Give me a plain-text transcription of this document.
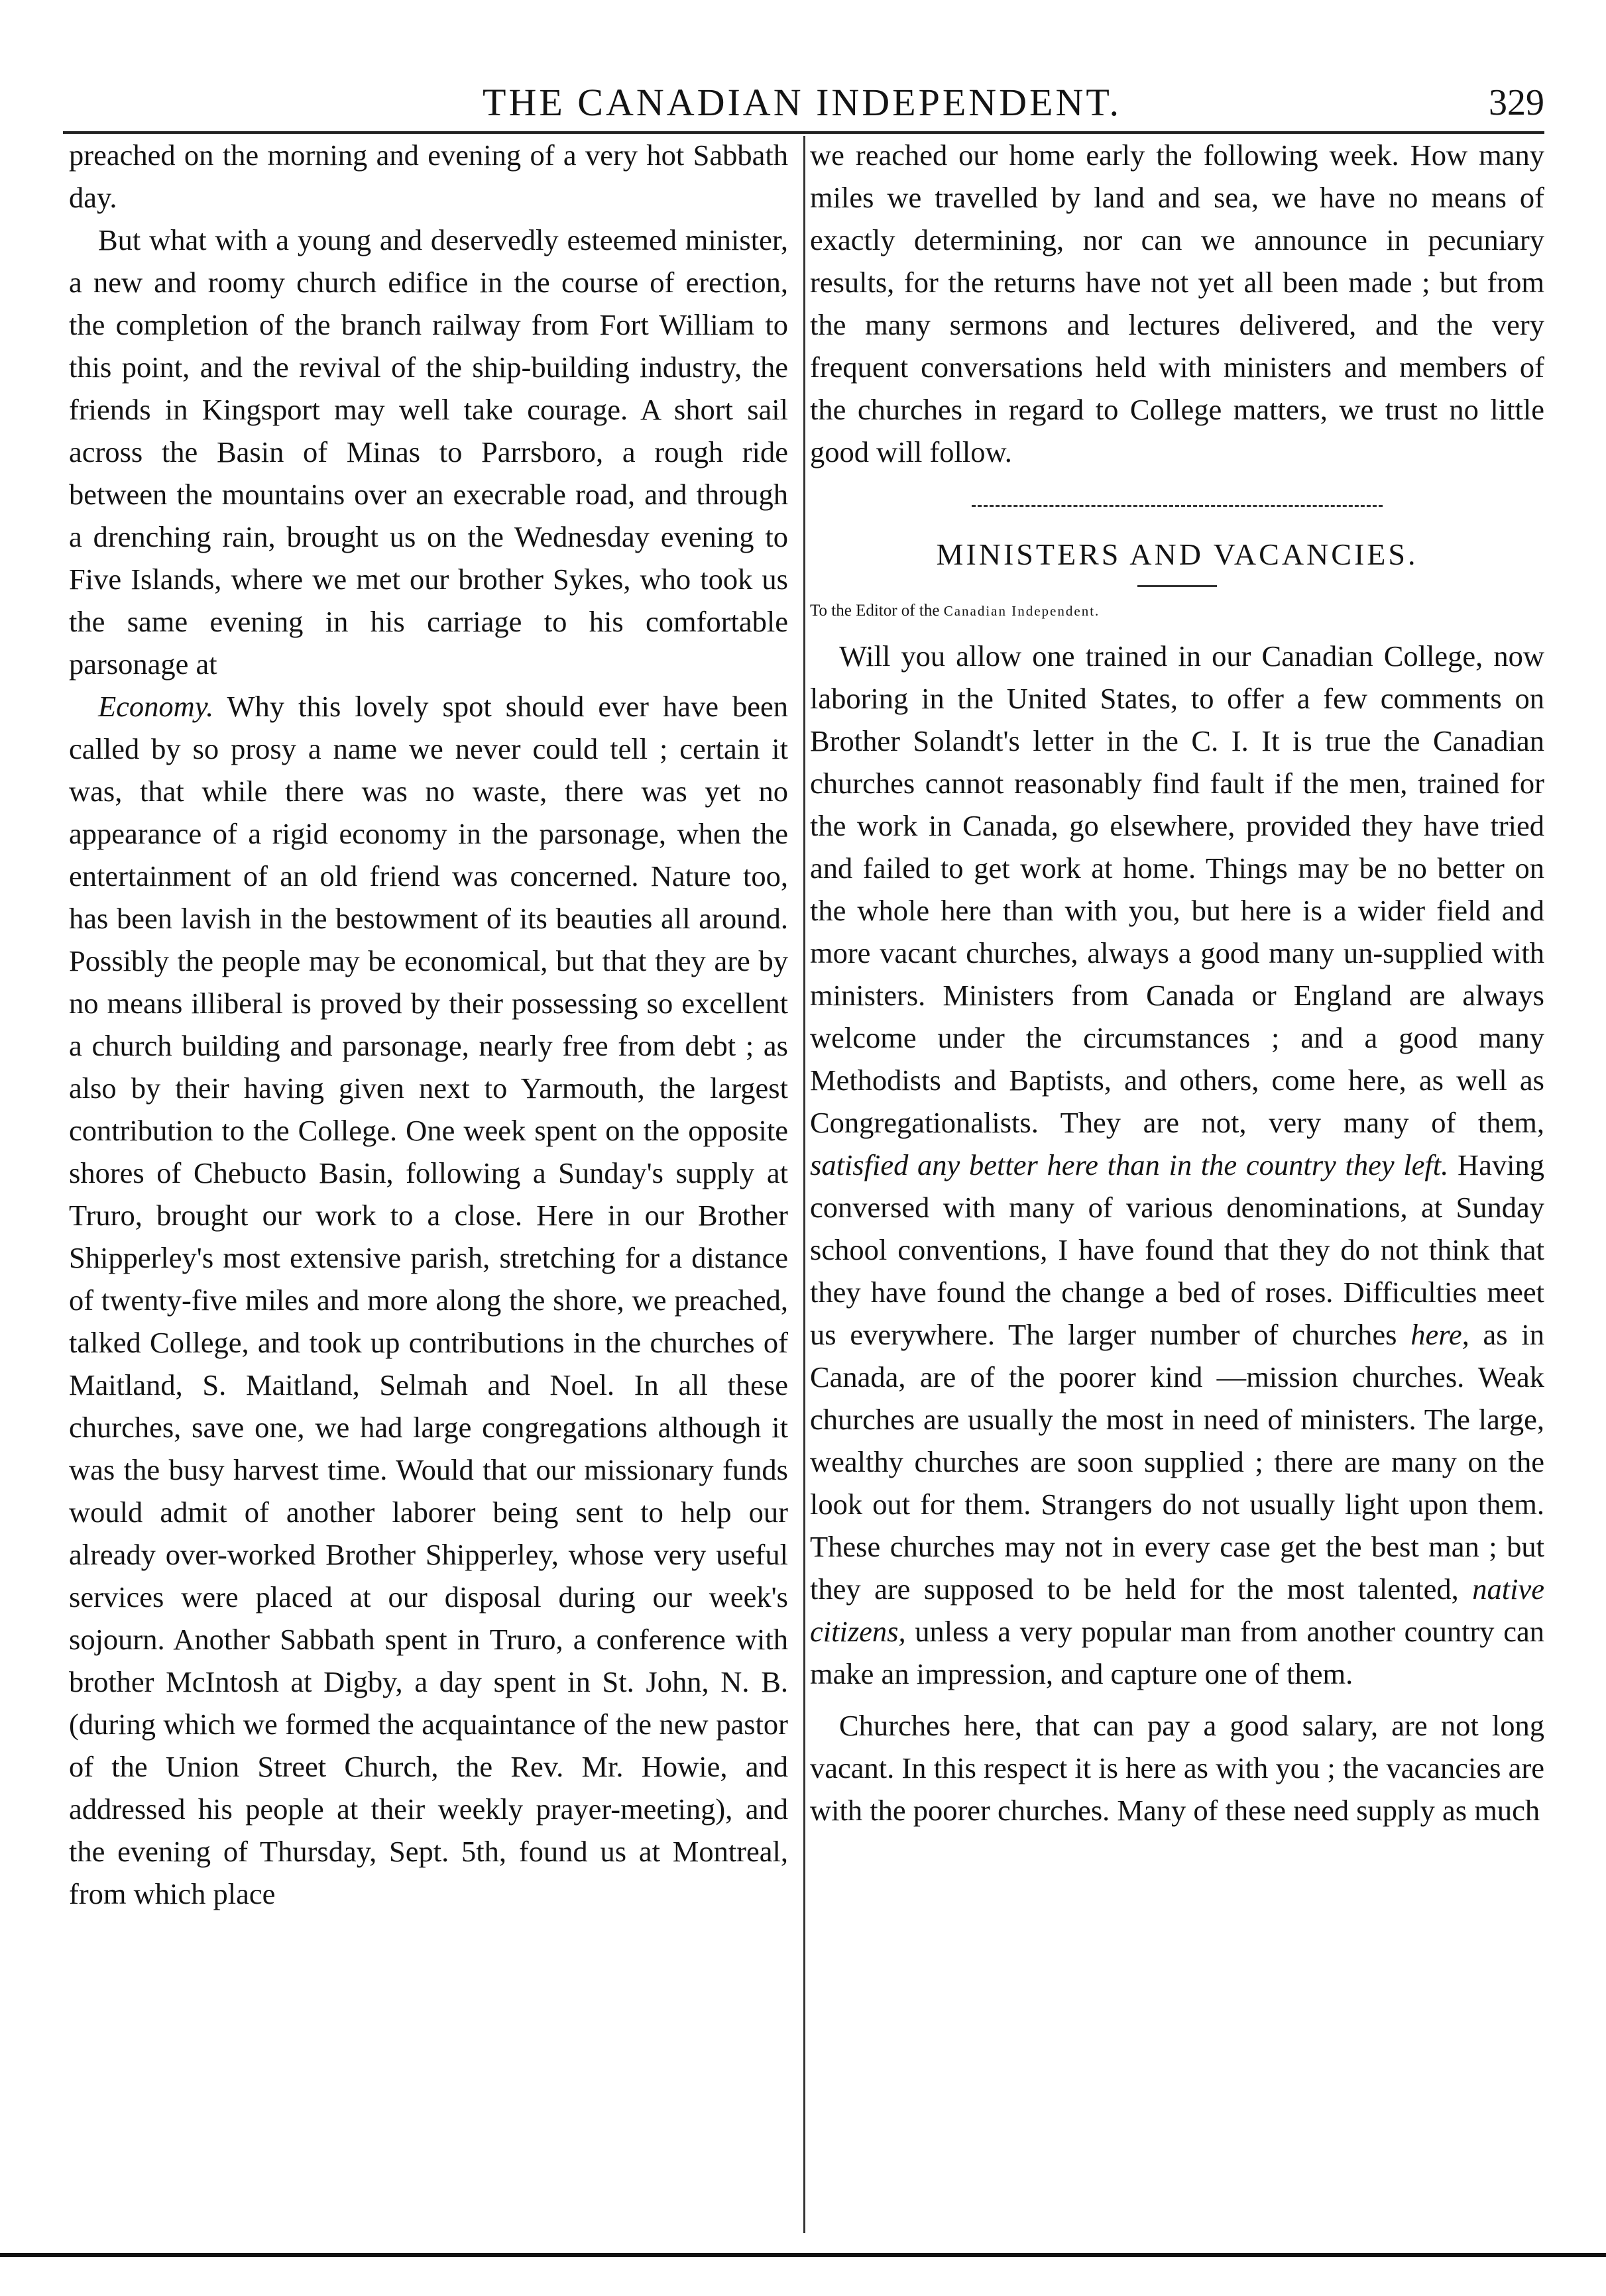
THE CANADIAN INDEPENDENT.	329

preached on the morning and evening of a very hot Sabbath day.

But what with a young and deservedly esteemed minister, a new and roomy church edifice in the course of erection, the completion of the branch railway from Fort William to this point, and the revival of the ship-building industry, the friends in Kingsport may well take courage. A short sail across the Basin of Minas to Parrsboro, a rough ride between the mountains over an execrable road, and through a drenching rain, brought us on the Wednesday evening to Five Islands, where we met our brother Sykes, who took us the same evening in his carriage to his comfortable parsonage at

Economy. Why this lovely spot should ever have been called by so prosy a name we never could tell ; certain it was, that while there was no waste, there was yet no appearance of a rigid economy in the parsonage, when the entertainment of an old friend was concerned. Nature too, has been lavish in the bestowment of its beauties all around. Possibly the people may be economical, but that they are by no means illiberal is proved by their possessing so excellent a church building and parsonage, nearly free from debt ; as also by their having given next to Yarmouth, the largest contribution to the College. One week spent on the opposite shores of Chebucto Basin, following a Sunday's supply at Truro, brought our work to a close. Here in our Brother Shipperley's most extensive parish, stretching for a distance of twenty-five miles and more along the shore, we preached, talked College, and took up contributions in the churches of Maitland, S. Maitland, Selmah and Noel. In all these churches, save one, we had large congregations although it was the busy harvest time. Would that our missionary funds would admit of another laborer being sent to help our already over-worked Brother Shipperley, whose very useful services were placed at our disposal during our week's sojourn. Another Sabbath spent in Truro, a conference with brother McIntosh at Digby, a day spent in St. John, N. B. (during which we formed the acquaintance of the new pastor of the Union Street Church, the Rev. Mr. Howie, and addressed his people at their weekly prayer-meeting), and the evening of Thursday, Sept. 5th, found us at Montreal, from which place

we reached our home early the following week. How many miles we travelled by land and sea, we have no means of exactly determining, nor can we announce in pecuniary results, for the returns have not yet all been made ; but from the many sermons and lectures delivered, and the very frequent conversations held with ministers and members of the churches in regard to College matters, we trust no little good will follow.

MINISTERS AND VACANCIES.
To the Editor of the Canadian Independent.

Will you allow one trained in our Canadian College, now laboring in the United States, to offer a few comments on Brother Solandt's letter in the C. I. It is true the Canadian churches cannot reasonably find fault if the men, trained for the work in Canada, go elsewhere, provided they have tried and failed to get work at home. Things may be no better on the whole here than with you, but here is a wider field and more vacant churches, always a good many un-supplied with ministers. Ministers from Canada or England are always welcome under the circumstances ; and a good many Methodists and Baptists, and others, come here, as well as Congregationalists. They are not, very many of them, satisfied any better here than in the country they left. Having conversed with many of various denominations, at Sunday school conventions, I have found that they do not think that they have found the change a bed of roses. Difficulties meet us everywhere. The larger number of churches here, as in Canada, are of the poorer kind —mission churches. Weak churches are usually the most in need of ministers. The large, wealthy churches are soon supplied ; there are many on the look out for them. Strangers do not usually light upon them. These churches may not in every case get the best man ; but they are supposed to be held for the most talented, native citizens, unless a very popular man from another country can make an impression, and capture one of them.

Churches here, that can pay a good salary, are not long vacant. In this respect it is here as with you ; the vacancies are with the poorer churches. Many of these need supply as much
